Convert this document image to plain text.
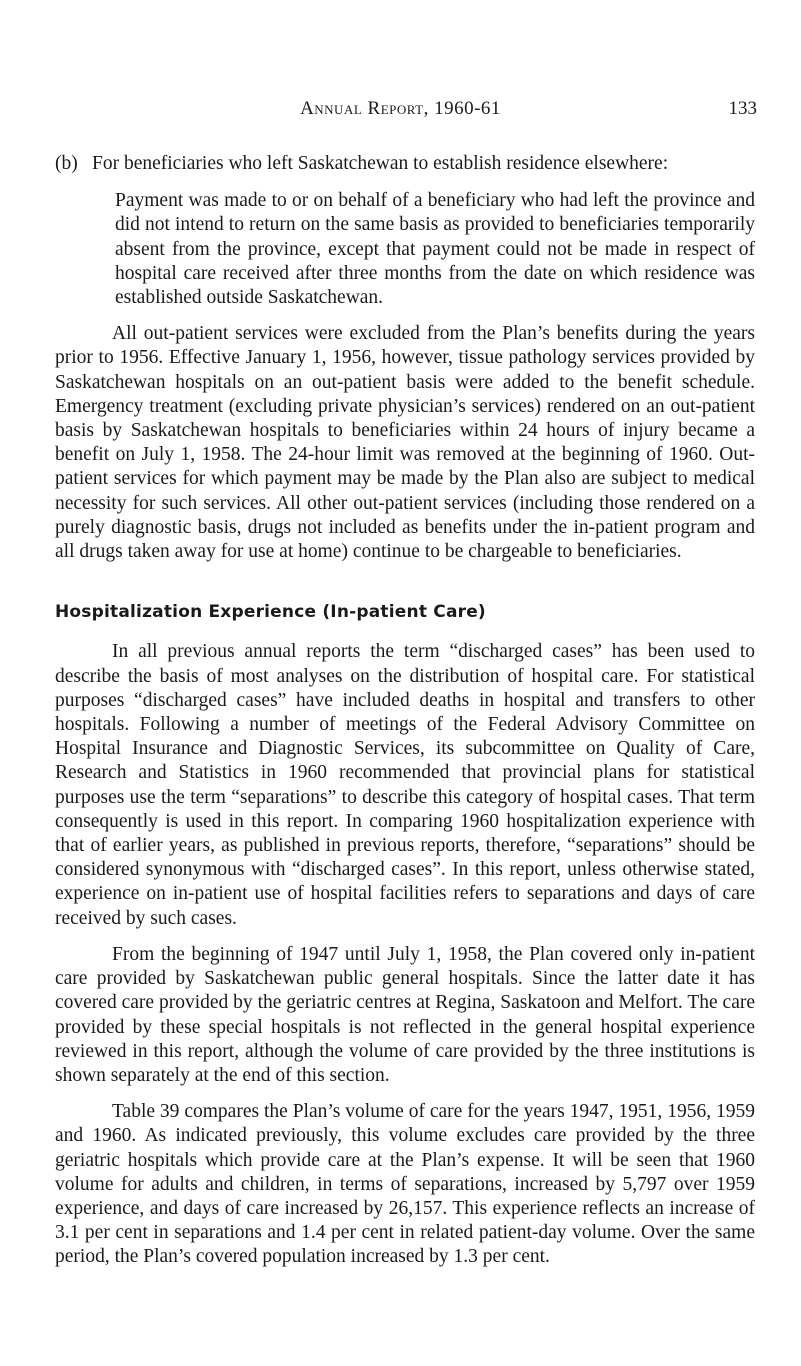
Annual Report, 1960-61	133
(b) For beneficiaries who left Saskatchewan to establish residence elsewhere:

Payment was made to or on behalf of a beneficiary who had left the province and did not intend to return on the same basis as provided to beneficiaries temporarily absent from the province, except that payment could not be made in respect of hospital care received after three months from the date on which residence was established outside Saskatchewan.

All out-patient services were excluded from the Plan’s benefits during the years prior to 1956. Effective January 1, 1956, however, tissue pathology services provided by Saskatchewan hospitals on an out-patient basis were added to the benefit schedule. Emergency treatment (excluding private physician’s services) rendered on an out-patient basis by Saskatchewan hospitals to beneficiaries within 24 hours of injury became a benefit on July 1, 1958. The 24-hour limit was removed at the beginning of 1960. Out-patient services for which payment may be made by the Plan also are subject to medical necessity for such services. All other out-patient services (including those rendered on a purely diagnostic basis, drugs not included as benefits under the in-patient program and all drugs taken away for use at home) continue to be chargeable to beneficiaries.

Hospitalization Experience (In-patient Care)

In all previous annual reports the term “discharged cases” has been used to describe the basis of most analyses on the distribution of hospital care. For statistical purposes “discharged cases” have included deaths in hospital and transfers to other hospitals. Following a number of meetings of the Federal Advisory Committee on Hospital Insurance and Diagnostic Services, its subcommittee on Quality of Care, Research and Statistics in 1960 recommended that provincial plans for statistical purposes use the term “separations” to describe this category of hospital cases. That term consequently is used in this report. In comparing 1960 hospitalization experience with that of earlier years, as published in previous reports, therefore, “separations” should be considered synonymous with “discharged cases”. In this report, unless otherwise stated, experience on in-patient use of hospital facilities refers to separations and days of care received by such cases.

From the beginning of 1947 until July 1, 1958, the Plan covered only in-patient care provided by Saskatchewan public general hospitals. Since the latter date it has covered care provided by the geriatric centres at Regina, Saskatoon and Melfort. The care provided by these special hospitals is not reflected in the general hospital experience reviewed in this report, although the volume of care provided by the three institutions is shown separately at the end of this section.

Table 39 compares the Plan’s volume of care for the years 1947, 1951, 1956, 1959 and 1960. As indicated previously, this volume excludes care provided by the three geriatric hospitals which provide care at the Plan’s expense. It will be seen that 1960 volume for adults and children, in terms of separations, increased by 5,797 over 1959 experience, and days of care increased by 26,157. This experience reflects an increase of 3.1 per cent in separations and 1.4 per cent in related patient-day volume. Over the same period, the Plan’s covered population increased by 1.3 per cent.
